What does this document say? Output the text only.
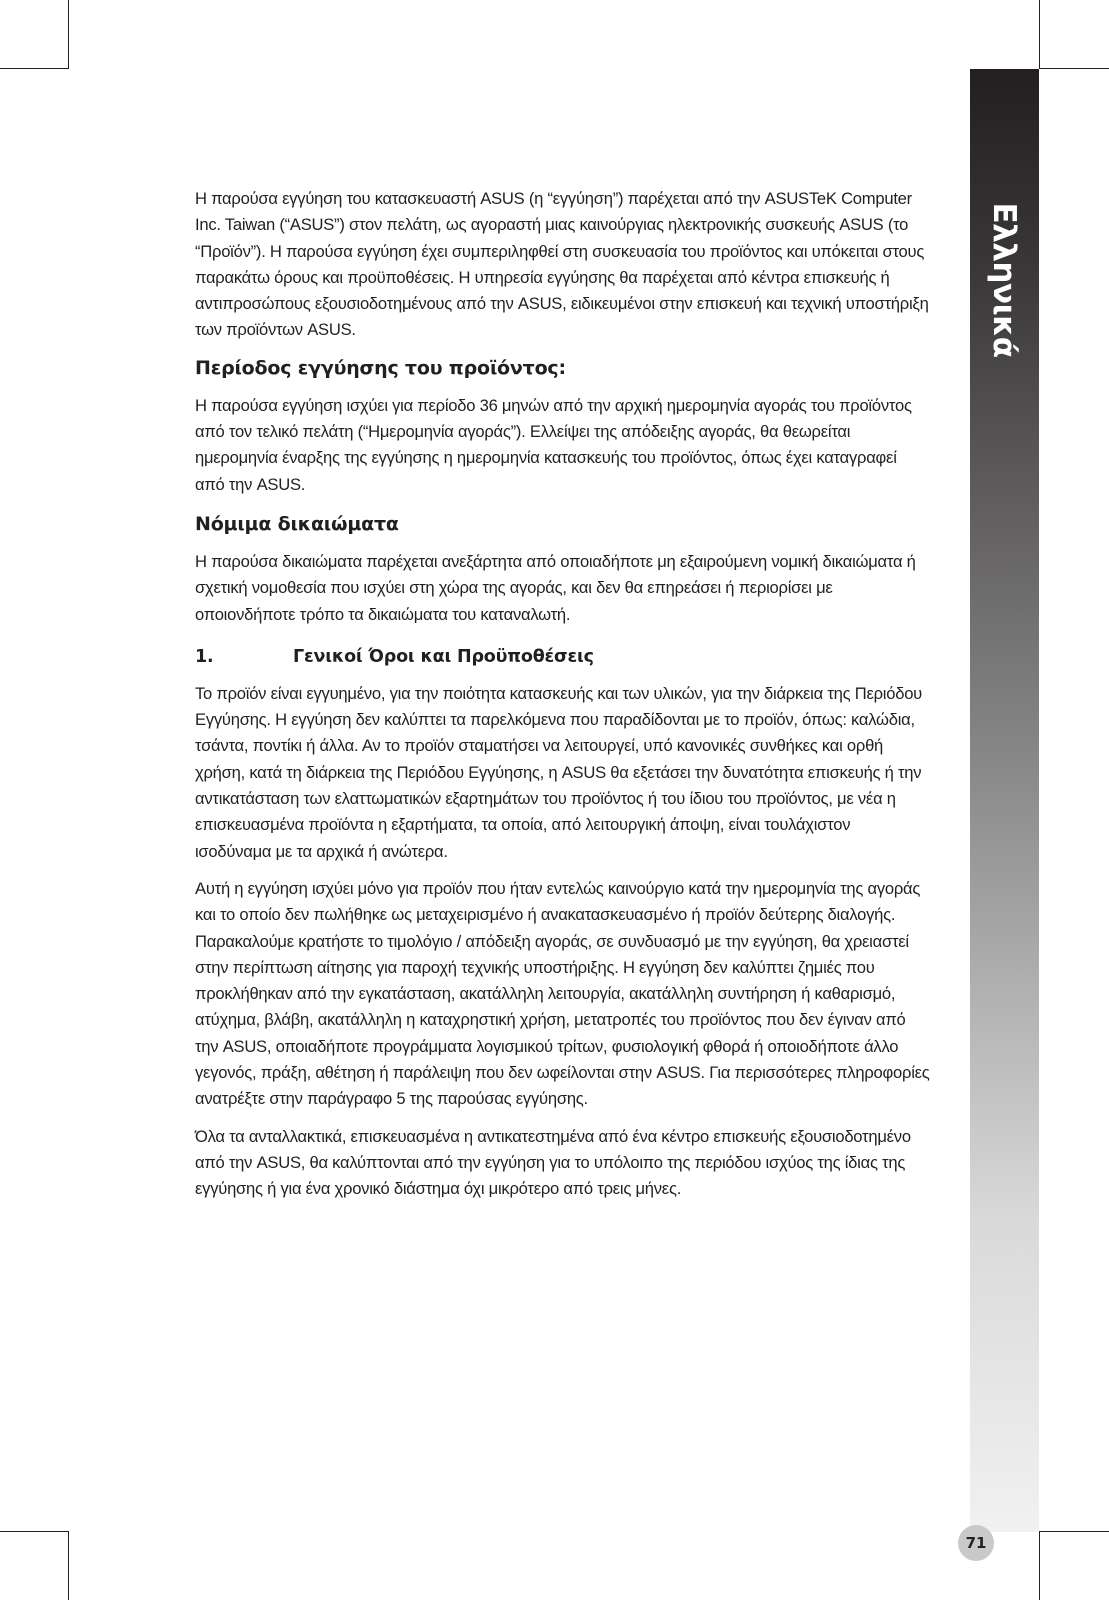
Ελληνικά

Η παρούσα εγγύηση του κατασκευαστή ASUS (η “εγγύηση”) παρέχεται από την ASUSTeK Computer Inc. Taiwan (“ASUS”) στον πελάτη, ως αγοραστή μιας καινούργιας ηλεκτρονικής συσκευής ASUS (το “Προϊόν”). Η παρούσα εγγύηση έχει συμπεριληφθεί στη συσκευασία του προϊόντος και υπόκειται στους παρακάτω όρους και προϋποθέσεις. Η υπηρεσία εγγύησης θα παρέχεται από κέντρα επισκευής ή αντιπροσώπους εξουσιοδοτημένους από την ASUS, ειδικευμένοι στην επισκευή και τεχνική υποστήριξη των προϊόντων ASUS.

Περίοδος εγγύησης του προϊόντος:

Η παρούσα εγγύηση ισχύει για περίοδο 36 μηνών από την αρχική ημερομηνία αγοράς του προϊόντος από τον τελικό πελάτη (“Ημερομηνία αγοράς”). Ελλείψει της απόδειξης αγοράς, θα θεωρείται ημερομηνία έναρξης της εγγύησης η ημερομηνία κατασκευής του προϊόντος, όπως έχει καταγραφεί από την ASUS.

Νόμιμα δικαιώματα

Η παρούσα δικαιώματα παρέχεται ανεξάρτητα από οποιαδήποτε μη εξαιρούμενη νομική δικαιώματα ή σχετική νομοθεσία που ισχύει στη χώρα της αγοράς, και δεν θα επηρεάσει ή περιορίσει με οποιονδήποτε τρόπο τα δικαιώματα του καταναλωτή.

1.	Γενικοί Όροι και Προϋποθέσεις

Το προϊόν είναι εγγυημένο, για την ποιότητα κατασκευής και των υλικών, για την διάρκεια της Περιόδου Εγγύησης. Η εγγύηση δεν καλύπτει τα παρελκόμενα που παραδίδονται με το προϊόν, όπως: καλώδια, τσάντα, ποντίκι ή άλλα. Αν το προϊόν σταματήσει να λειτουργεί, υπό κανονικές συνθήκες και ορθή χρήση, κατά τη διάρκεια της Περιόδου Εγγύησης, η ASUS θα εξετάσει την δυνατότητα επισκευής ή την αντικατάσταση των ελαττωματικών εξαρτημάτων του προϊόντος ή του ίδιου του προϊόντος, με νέα η επισκευασμένα προϊόντα η εξαρτήματα, τα οποία, από λειτουργική άποψη, είναι τουλάχιστον ισοδύναμα με τα αρχικά ή ανώτερα.

Αυτή η εγγύηση ισχύει μόνο για προϊόν που ήταν εντελώς καινούργιο κατά την ημερομηνία της αγοράς και το οποίο δεν πωλήθηκε ως μεταχειρισμένο ή ανακατασκευασμένο ή προϊόν δεύτερης διαλογής. Παρακαλούμε κρατήστε το τιμολόγιο / απόδειξη αγοράς, σε συνδυασμό με την εγγύηση, θα χρειαστεί στην περίπτωση αίτησης για παροχή τεχνικής υποστήριξης. Η εγγύηση δεν καλύπτει ζημιές που προκλήθηκαν από την εγκατάσταση, ακατάλληλη λειτουργία, ακατάλληλη συντήρηση ή καθαρισμό, ατύχημα, βλάβη, ακατάλληλη η καταχρηστική χρήση, μετατροπές του προϊόντος που δεν έγιναν από την ASUS, οποιαδήποτε προγράμματα λογισμικού τρίτων, φυσιολογική φθορά ή οποιοδήποτε άλλο γεγονός, πράξη, αθέτηση ή παράλειψη που δεν ωφείλονται στην ASUS. Για περισσότερες πληροφορίες ανατρέξτε στην παράγραφο 5 της παρούσας εγγύησης.

Όλα τα ανταλλακτικά, επισκευασμένα η αντικατεστημένα από ένα κέντρο επισκευής εξουσιοδοτημένο από την ASUS, θα καλύπτονται από την εγγύηση για το υπόλοιπο της περιόδου ισχύος της ίδιας της εγγύησης ή για ένα χρονικό διάστημα όχι μικρότερο από τρεις μήνες.

71
